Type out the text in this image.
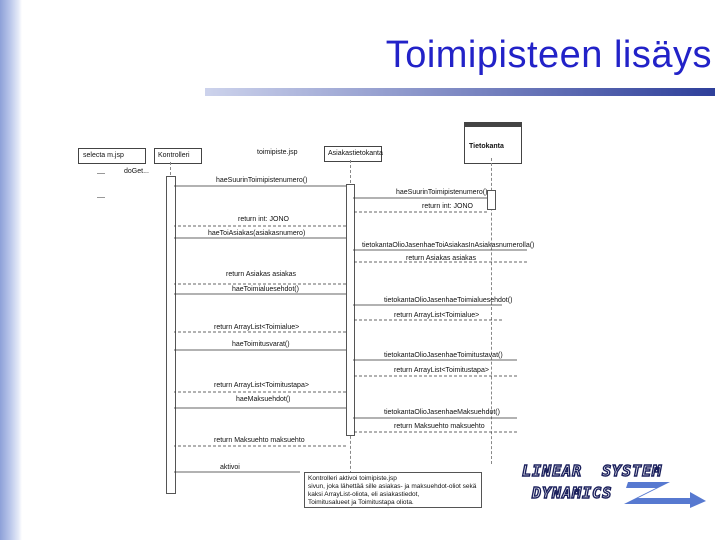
Toimipisteen lisäys
selecta m.jsp	Kontrolleri	toimipiste.jsp	Asiakastietokanta
Tietokanta
doGet...
haeSuurinToimipistenumero()
haeSuurinToimipistenumero()
return int: JONO
return int: JONO
haeToiAsiakas(asiakasnumero)
tietokantaOlioJasenhaeToiAsiakasInAsiakasnumerolla()
return Asiakas asiakas
return Asiakas asiakas
haeToimialuesehdot()
tietokantaOlioJasenhaeToimialuesehdot()
return ArrayList<Toimialue>
return ArrayList<Toimialue>
haeToimitusvarat()
tietokantaOlioJasenhaeToimitustavat()
return ArrayList<Toimitustapa>
return ArrayList<Toimitustapa>
haeMaksuehdot()
tietokantaOlioJasenhaeMaksuehdot()
return Maksuehto maksuehto
return Maksuehto maksuehto
aktivoi
Kontrolleri aktivoi toimipiste.jsp
sivun, joka lähettää sille asiakas- ja maksuehdot-oliot sekä
kaksi ArrayList-oliota, eli asiakastiedot,
Toimitusalueet ja Toimitustapa oliota.
LINEAR SYSTEM
DYNAMICS
